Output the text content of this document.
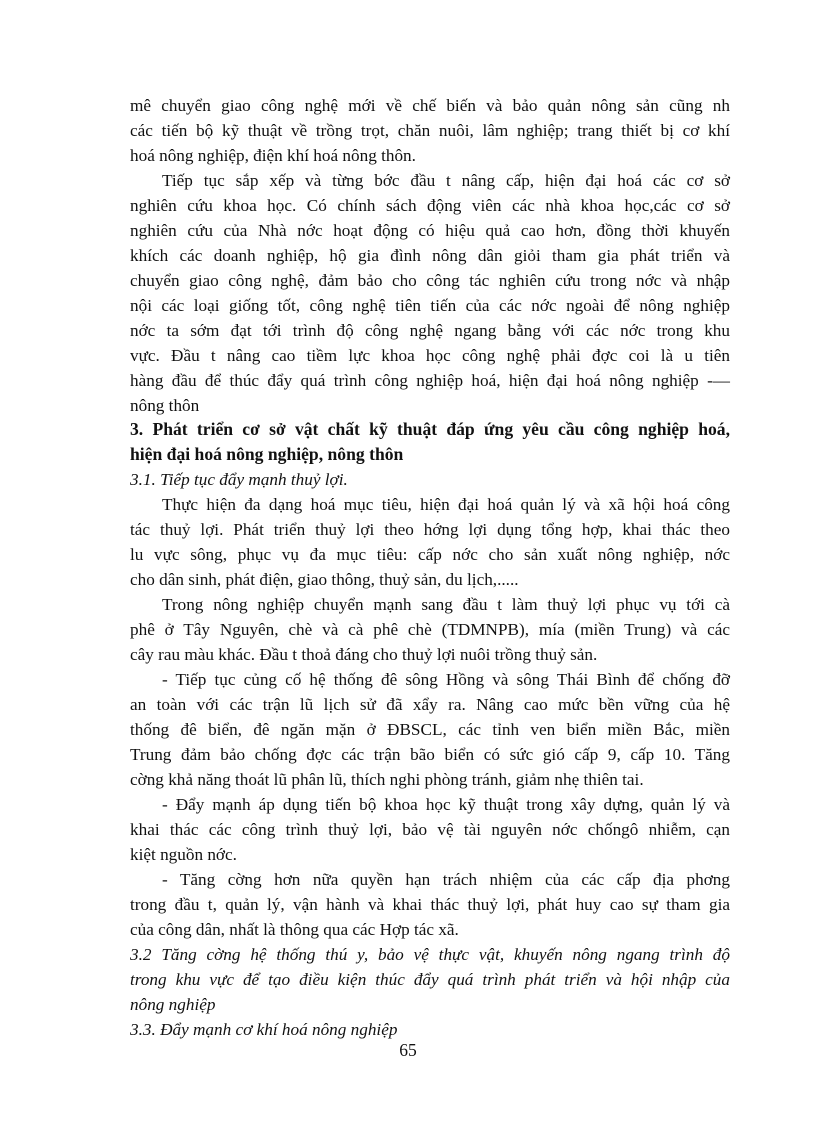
mê chuyển giao công nghệ mới về chế biến và bảo quản nông sản cũng nh
các tiến bộ kỹ thuật về trồng trọt, chăn nuôi, lâm nghiệp; trang thiết bị cơ khí
hoá nông nghiệp, điện khí hoá nông thôn.
Tiếp tục sắp xếp và từng bớc đầu t nâng cấp, hiện đại hoá các cơ sở
nghiên cứu khoa học. Có chính sách động viên các nhà khoa học,các cơ sở
nghiên cứu của Nhà nớc hoạt động có hiệu quả cao hơn, đồng thời khuyến
khích các doanh nghiệp, hộ gia đình nông dân giỏi tham gia phát triển và
chuyển giao công nghệ, đảm bảo cho công tác nghiên cứu trong nớc và nhập
nội các loại giống tốt, công nghệ tiên tiến của các nớc ngoài để nông nghiệp
nớc ta sớm đạt tới trình độ công nghệ ngang bằng với các nớc trong khu
vực. Đầu t nâng cao tiềm lực khoa học công nghệ phải đợc coi là u tiên
hàng đầu để thúc đẩy quá trình công nghiệp hoá, hiện đại hoá nông nghiệp -—
nông thôn
3. Phát triển cơ sở vật chất kỹ thuật đáp ứng yêu cầu công nghiệp hoá,
hiện đại hoá nông nghiệp, nông thôn
3.1. Tiếp tục đẩy mạnh thuỷ lợi.
Thực hiện đa dạng hoá mục tiêu, hiện đại hoá quản lý và xã hội hoá công
tác thuỷ lợi. Phát triển thuỷ lợi theo hớng lợi dụng tổng hợp, khai thác theo
lu vực sông, phục vụ đa mục tiêu: cấp nớc cho sản xuất nông nghiệp, nớc
cho dân sinh, phát điện, giao thông, thuỷ sản, du lịch,.....
Trong nông nghiệp chuyển mạnh sang đầu t làm thuỷ lợi phục vụ tới cà
phê ở Tây Nguyên, chè và cà phê chè (TDMNPB), mía (miền Trung) và các
cây rau màu khác. Đầu t thoả đáng cho thuỷ lợi nuôi trồng thuỷ sản.
- Tiếp tục củng cố hệ thống đê sông Hồng và sông Thái Bình để chống đỡ
an toàn với các trận lũ lịch sử đã xẩy ra. Nâng cao mức bền vững của hệ
thống đê biển, đê ngăn mặn ở ĐBSCL, các tỉnh ven biển miền Bắc, miền
Trung đảm bảo chống đợc các trận bão biển có sức gió cấp 9, cấp 10. Tăng
cờng khả năng thoát lũ phân lũ, thích nghi phòng tránh, giảm nhẹ thiên tai.
- Đẩy mạnh áp dụng tiến bộ khoa học kỹ thuật trong xây dựng, quản lý và
khai thác các công trình thuỷ lợi, bảo vệ tài nguyên nớc chốngô nhiễm, cạn
kiệt nguồn nớc.
- Tăng cờng hơn nữa quyền hạn trách nhiệm của các cấp địa phơng
trong đầu t, quản lý, vận hành và khai thác thuỷ lợi, phát huy cao sự tham gia
của công dân, nhất là thông qua các Hợp tác xã.
3.2 Tăng cờng hệ thống thú y, bảo vệ thực vật, khuyến nông ngang trình độ
trong khu vực để tạo điều kiện thúc đẩy quá trình phát triển và hội nhập của
nông nghiệp
3.3. Đẩy mạnh cơ khí hoá nông nghiệp
65
